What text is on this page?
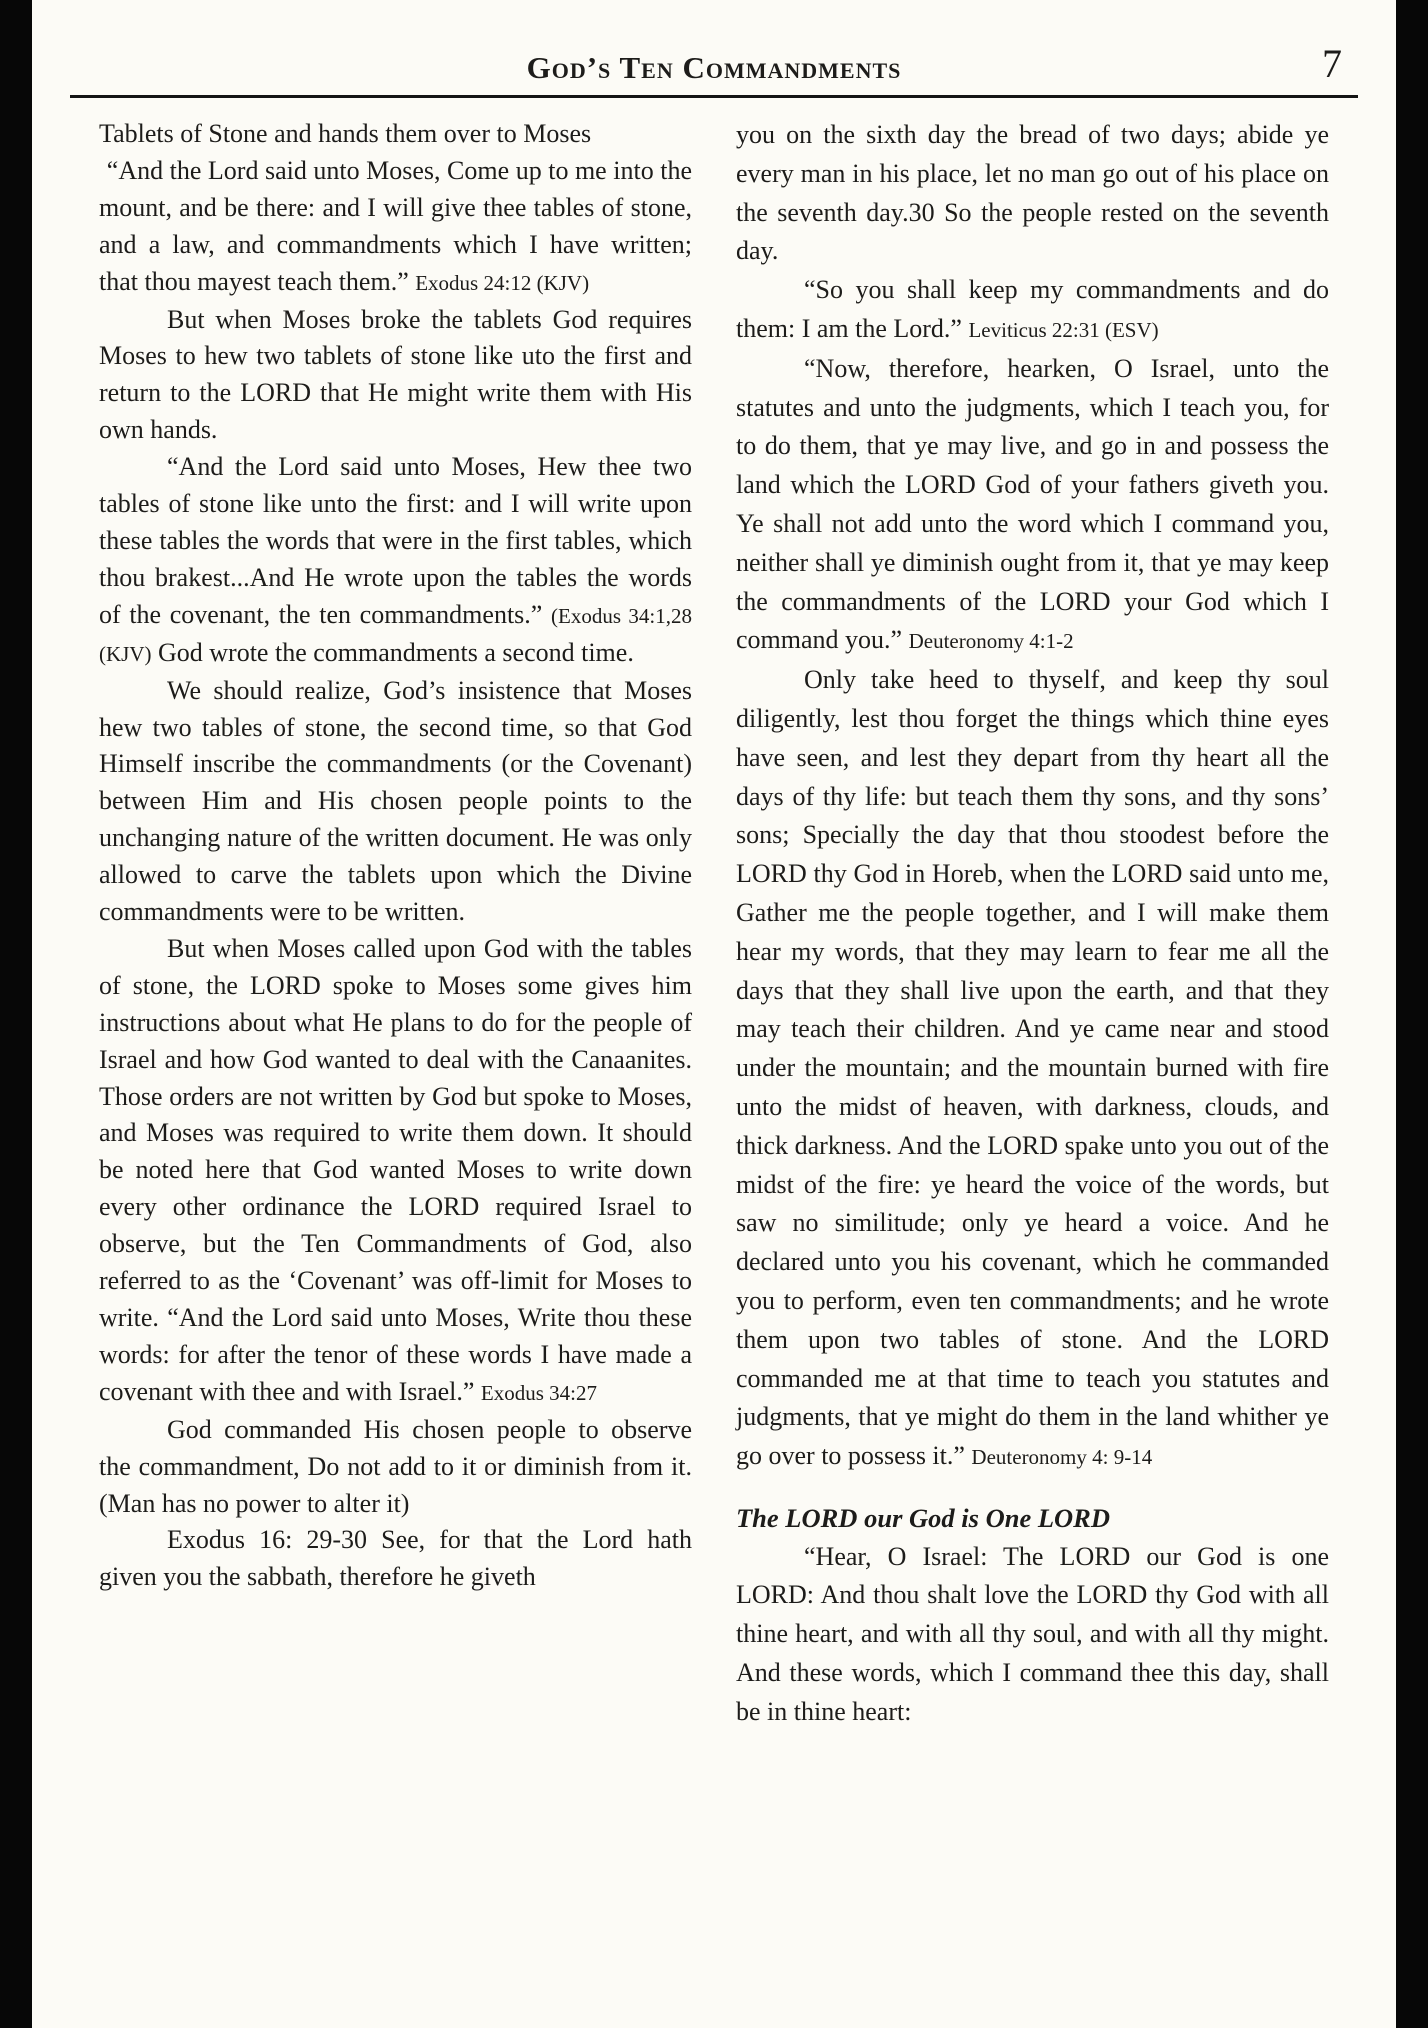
God’s Ten Commandments	7

Tablets of Stone and hands them over to Moses

“And the Lord said unto Moses, Come up to me into the mount, and be there: and I will give thee tables of stone, and a law, and commandments which I have written; that thou mayest teach them.” Exodus 24:12 (KJV)

But when Moses broke the tablets God requires Moses to hew two tablets of stone like uto the first and return to the LORD that He might write them with His own hands.

“And the Lord said unto Moses, Hew thee two tables of stone like unto the first: and I will write upon these tables the words that were in the first tables, which thou brakest...And He wrote upon the tables the words of the covenant, the ten commandments.” (Exodus 34:1,28 (KJV) God wrote the commandments a second time.

We should realize, God’s insistence that Moses hew two tables of stone, the second time, so that God Himself inscribe the commandments (or the Covenant) between Him and His chosen people points to the unchanging nature of the written document. He was only allowed to carve the tablets upon which the Divine commandments were to be written.

But when Moses called upon God with the tables of stone, the LORD spoke to Moses some gives him instructions about what He plans to do for the people of Israel and how God wanted to deal with the Canaanites. Those orders are not written by God but spoke to Moses, and Moses was required to write them down. It should be noted here that God wanted Moses to write down every other ordinance the LORD required Israel to observe, but the Ten Commandments of God, also referred to as the ‘Covenant’ was off-limit for Moses to write. “And the Lord said unto Moses, Write thou these words: for after the tenor of these words I have made a covenant with thee and with Israel.” Exodus 34:27

God commanded His chosen people to observe the commandment, Do not add to it or diminish from it. (Man has no power to alter it)

Exodus 16: 29-30 See, for that the Lord hath given you the sabbath, therefore he giveth

you on the sixth day the bread of two days; abide ye every man in his place, let no man go out of his place on the seventh day.30 So the people rested on the seventh day.

“So you shall keep my commandments and do them: I am the Lord.” Leviticus 22:31 (ESV)

“Now, therefore, hearken, O Israel, unto the statutes and unto the judgments, which I teach you, for to do them, that ye may live, and go in and possess the land which the LORD God of your fathers giveth you. Ye shall not add unto the word which I command you, neither shall ye diminish ought from it, that ye may keep the commandments of the LORD your God which I command you.” Deuteronomy 4:1-2

Only take heed to thyself, and keep thy soul diligently, lest thou forget the things which thine eyes have seen, and lest they depart from thy heart all the days of thy life: but teach them thy sons, and thy sons’ sons; Specially the day that thou stoodest before the LORD thy God in Horeb, when the LORD said unto me, Gather me the people together, and I will make them hear my words, that they may learn to fear me all the days that they shall live upon the earth, and that they may teach their children. And ye came near and stood under the mountain; and the mountain burned with fire unto the midst of heaven, with darkness, clouds, and thick darkness. And the LORD spake unto you out of the midst of the fire: ye heard the voice of the words, but saw no similitude; only ye heard a voice. And he declared unto you his covenant, which he commanded you to perform, even ten commandments; and he wrote them upon two tables of stone. And the LORD commanded me at that time to teach you statutes and judgments, that ye might do them in the land whither ye go over to possess it.” Deuteronomy 4: 9-14

The LORD our God is One LORD

“Hear, O Israel: The LORD our God is one LORD: And thou shalt love the LORD thy God with all thine heart, and with all thy soul, and with all thy might. And these words, which I command thee this day, shall be in thine heart:
